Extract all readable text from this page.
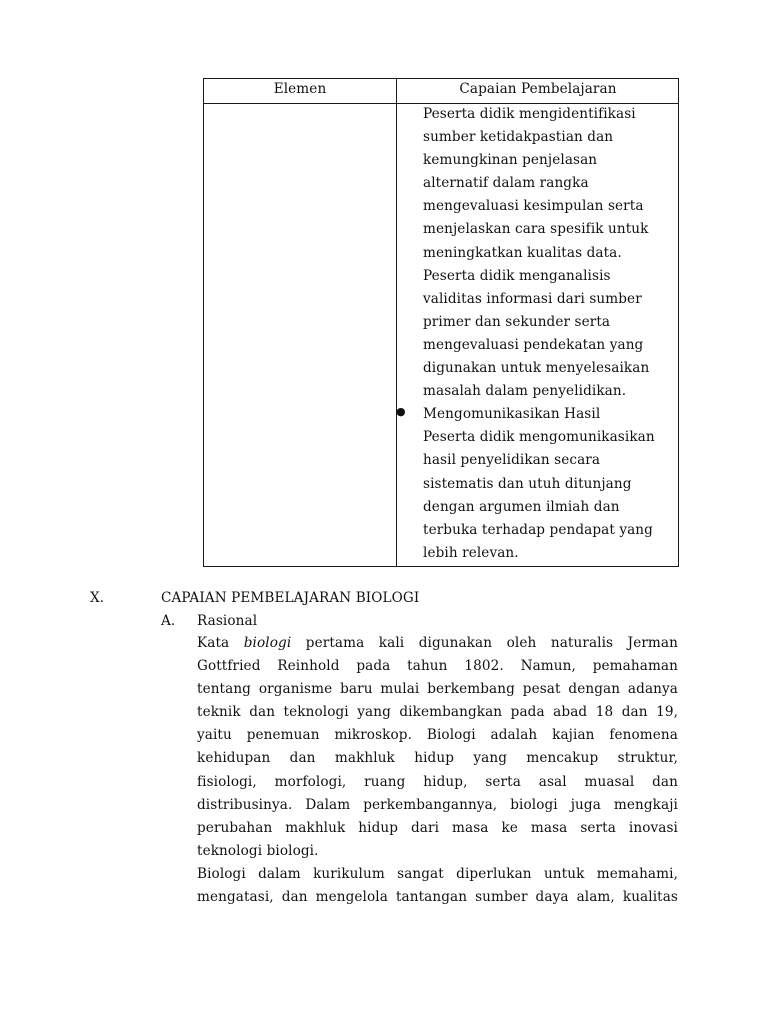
Elemen	Capaian Pembelajaran
Peserta didik mengidentifikasi
sumber ketidakpastian dan
kemungkinan penjelasan
alternatif dalam rangka
mengevaluasi kesimpulan serta
menjelaskan cara spesifik untuk
meningkatkan kualitas data.
Peserta didik menganalisis
validitas informasi dari sumber
primer dan sekunder serta
mengevaluasi pendekatan yang
digunakan untuk menyelesaikan
masalah dalam penyelidikan.
Mengomunikasikan Hasil
Peserta didik mengomunikasikan
hasil penyelidikan secara
sistematis dan utuh ditunjang
dengan argumen ilmiah dan
terbuka terhadap pendapat yang
lebih relevan.
●
X.	CAPAIAN PEMBELAJARAN BIOLOGI
A. Rasional
Kata biologi pertama kali digunakan oleh naturalis Jerman
Gottfried Reinhold pada tahun 1802. Namun, pemahaman
tentang organisme baru mulai berkembang pesat dengan adanya
teknik dan teknologi yang dikembangkan pada abad 18 dan 19,
yaitu penemuan mikroskop. Biologi adalah kajian fenomena
kehidupan dan makhluk hidup yang mencakup struktur,
fisiologi, morfologi, ruang hidup, serta asal muasal dan
distribusinya. Dalam perkembangannya, biologi juga mengkaji
perubahan makhluk hidup dari masa ke masa serta inovasi
teknologi biologi.
Biologi dalam kurikulum sangat diperlukan untuk memahami,
mengatasi, dan mengelola tantangan sumber daya alam, kualitas
